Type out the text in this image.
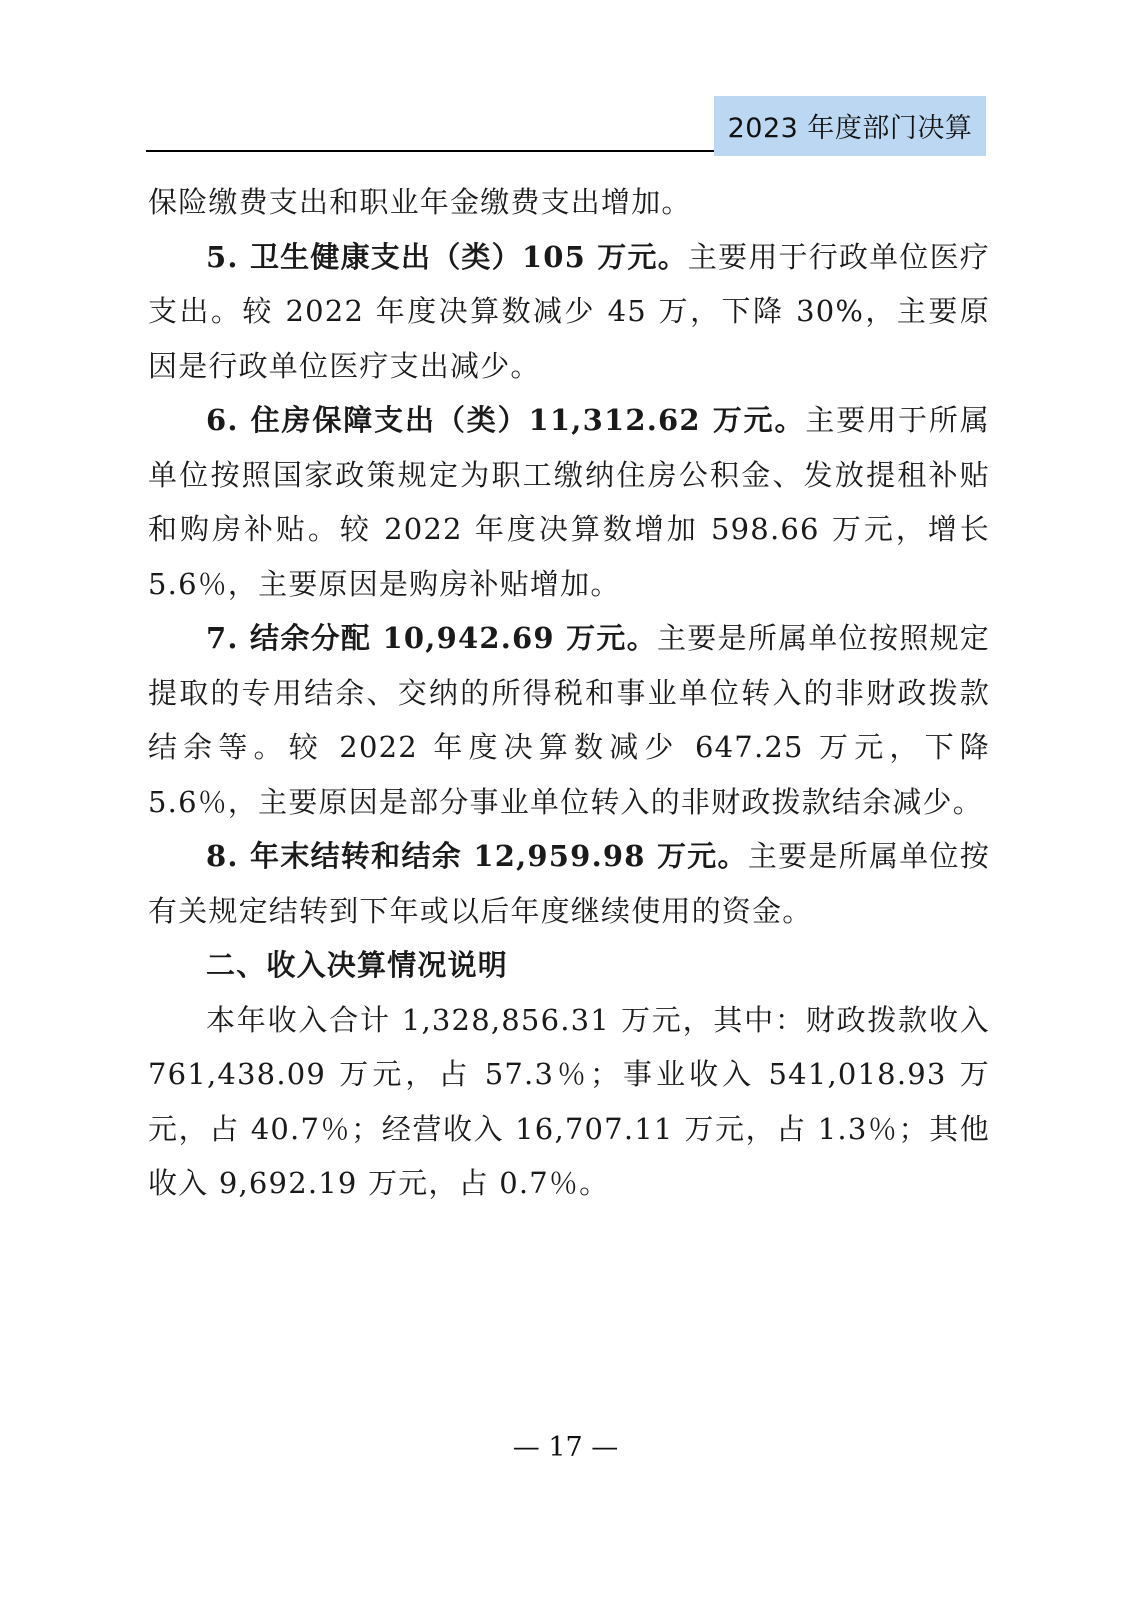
2023 年度部门决算

保险缴费支出和职业年金缴费支出增加。

5. 卫生健康支出（类）105 万元。主要用于行政单位医疗支出。较 2022 年度决算数减少 45 万，下降 30%，主要原因是行政单位医疗支出减少。

6. 住房保障支出（类）11,312.62 万元。主要用于所属单位按照国家政策规定为职工缴纳住房公积金、发放提租补贴和购房补贴。较 2022 年度决算数增加 598.66 万元，增长 5.6％，主要原因是购房补贴增加。

7. 结余分配 10,942.69 万元。主要是所属单位按照规定提取的专用结余、交纳的所得税和事业单位转入的非财政拨款结余等。较 2022 年度决算数减少 647.25 万元，下降 5.6％，主要原因是部分事业单位转入的非财政拨款结余减少。

8. 年末结转和结余 12,959.98 万元。主要是所属单位按有关规定结转到下年或以后年度继续使用的资金。

二、收入决算情况说明

本年收入合计 1,328,856.31 万元，其中：财政拨款收入 761,438.09 万元，占 57.3％；事业收入 541,018.93 万元，占 40.7％；经营收入 16,707.11 万元，占 1.3％；其他收入 9,692.19 万元，占 0.7％。

— 17 —
